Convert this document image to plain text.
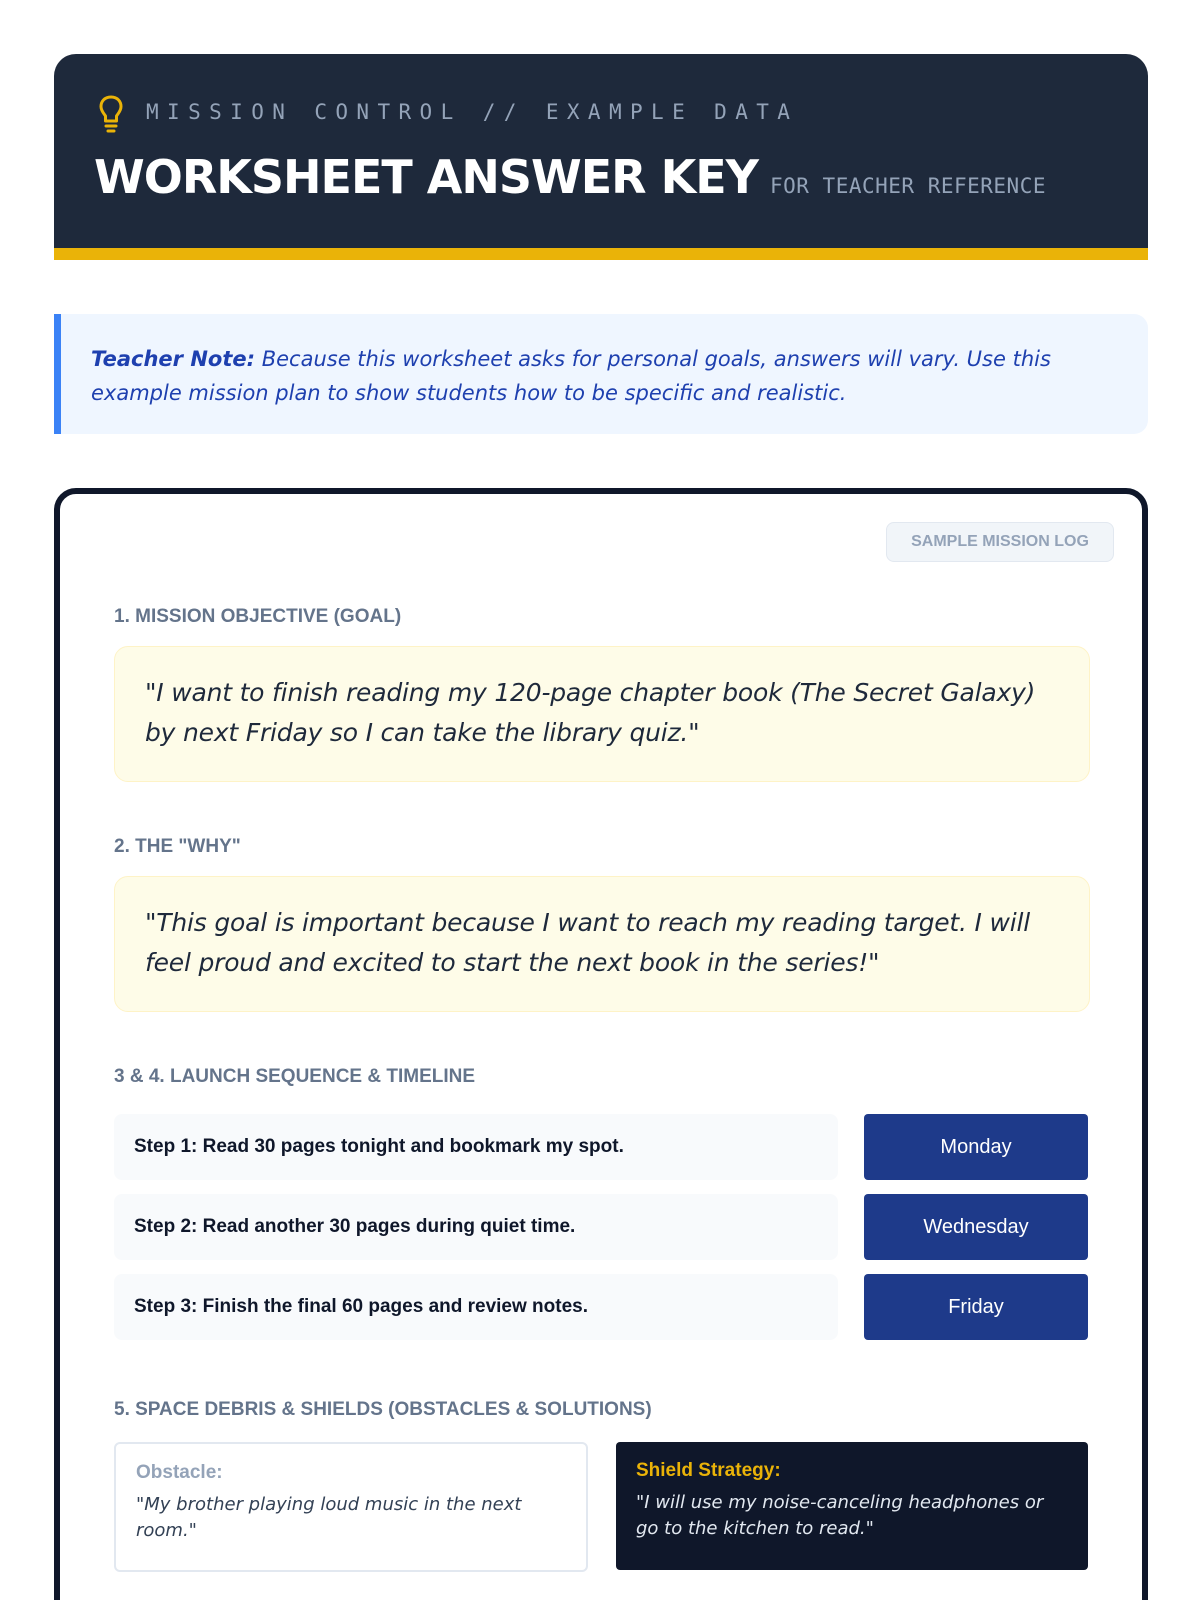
MISSION CONTROL // EXAMPLE DATA
WORKSHEET ANSWER KEY FOR TEACHER REFERENCE
Teacher Note: Because this worksheet asks for personal goals, answers will vary. Use this example mission plan to show students how to be specific and realistic.
SAMPLE MISSION LOG
1. MISSION OBJECTIVE (GOAL)
"I want to finish reading my 120-page chapter book (The Secret Galaxy) by next Friday so I can take the library quiz."
2. THE "WHY"
"This goal is important because I want to reach my reading target. I will feel proud and excited to start the next book in the series!"
3 & 4. LAUNCH SEQUENCE & TIMELINE
Step 1: Read 30 pages tonight and bookmark my spot.	Monday
Step 2: Read another 30 pages during quiet time.	Wednesday
Step 3: Finish the final 60 pages and review notes.	Friday
5. SPACE DEBRIS & SHIELDS (OBSTACLES & SOLUTIONS)
Obstacle:
"My brother playing loud music in the next room."
Shield Strategy:
"I will use my noise-canceling headphones or go to the kitchen to read."
